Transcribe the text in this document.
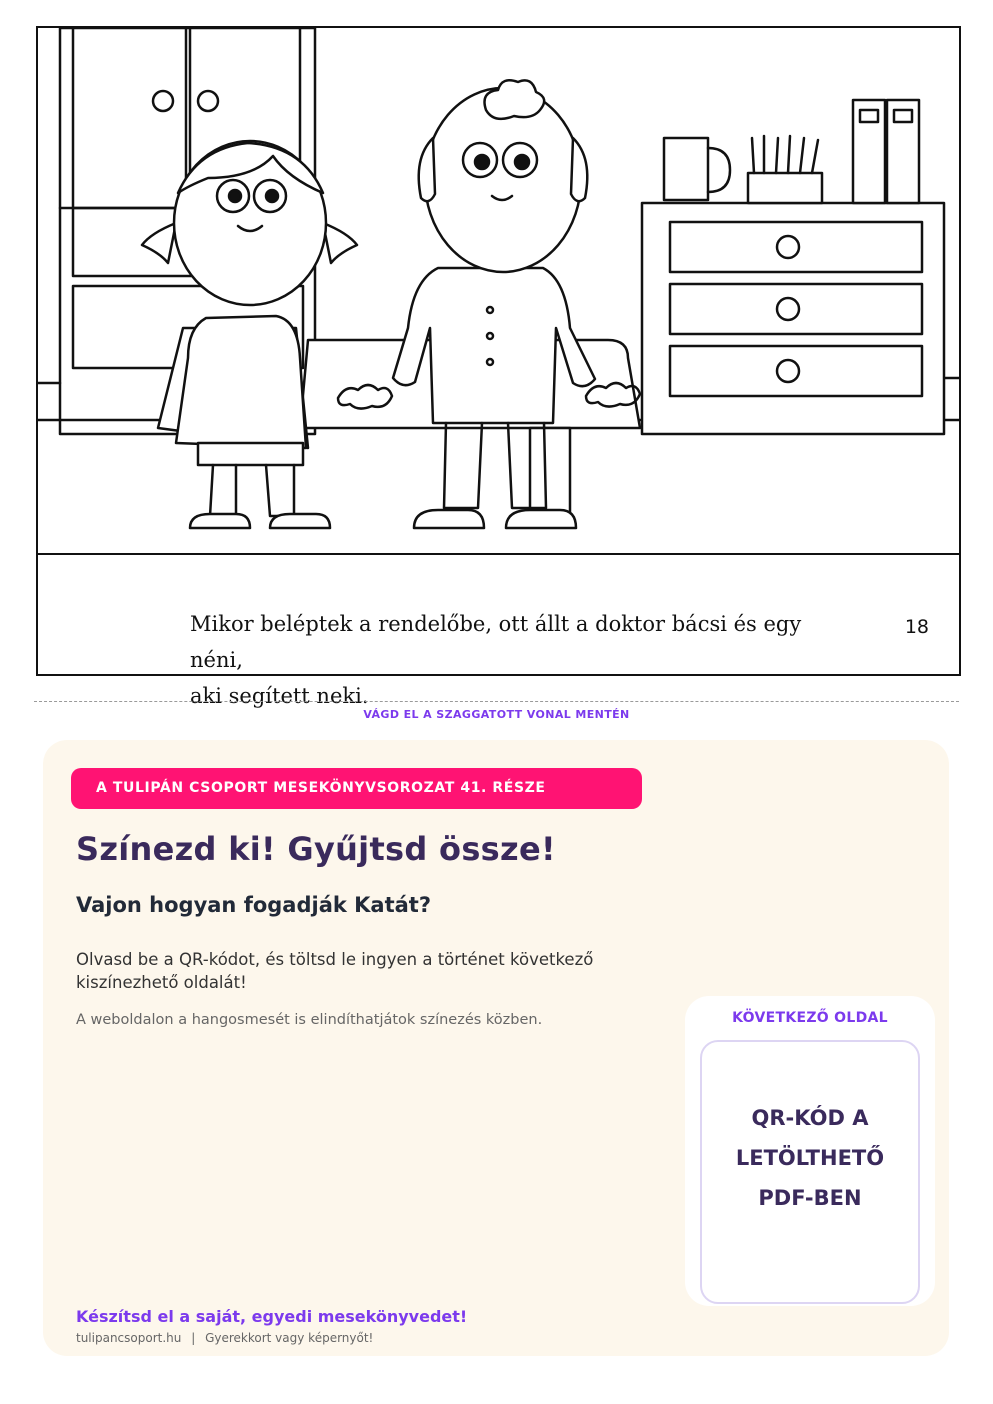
Mikor beléptek a rendelőbe, ott állt a doktor bácsi és egy néni,
aki segített neki.
18
VÁGD EL A SZAGGATOTT VONAL MENTÉN
A TULIPÁN CSOPORT MESEKÖNYVSOROZAT 41. RÉSZE
Színezd ki! Gyűjtsd össze!
Vajon hogyan fogadják Katát?
Olvasd be a QR-kódot, és töltsd le ingyen a történet következő kiszínezhető oldalát!
A weboldalon a hangosmesét is elindíthatjátok színezés közben.	KÖVETKEZŐ OLDAL
QR-KÓD A
LETÖLTHETŐ
PDF-BEN
Készítsd el a saját, egyedi mesekönyvedet!
tulipancsoport.hu | Gyerekkort vagy képernyőt!
